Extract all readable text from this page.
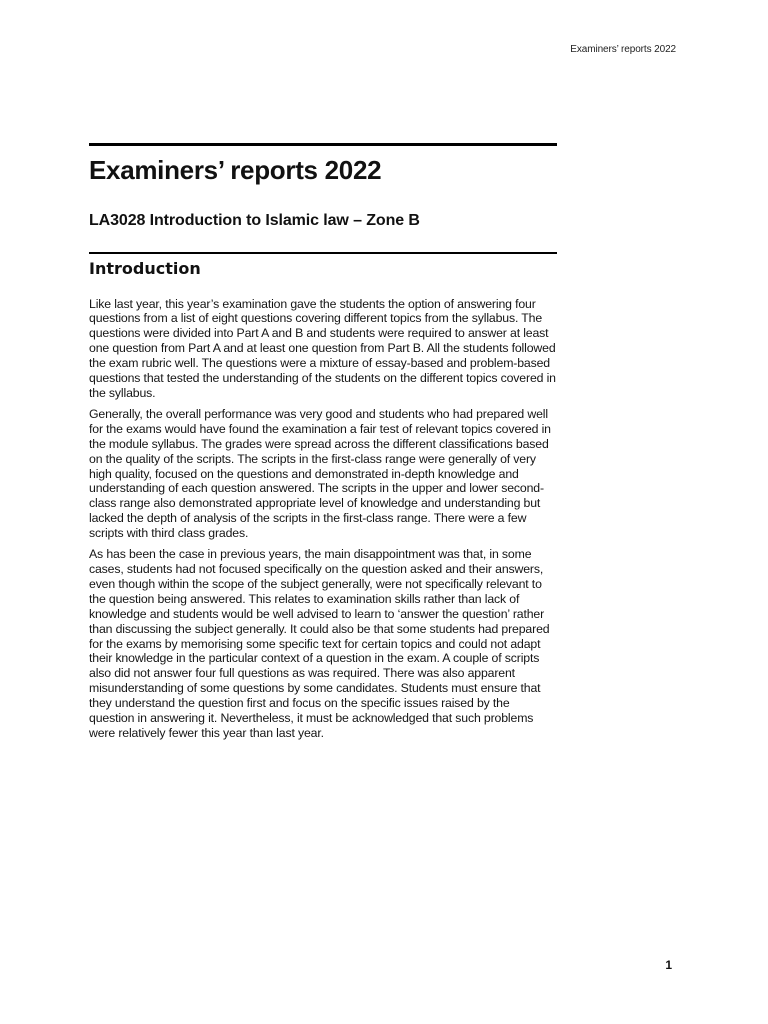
Examiners’ reports 2022
Examiners’ reports 2022
LA3028 Introduction to Islamic law – Zone B
Introduction

Like last year, this year’s examination gave the students the option of answering four questions from a list of eight questions covering different topics from the syllabus. The questions were divided into Part A and B and students were required to answer at least one question from Part A and at least one question from Part B. All the students followed the exam rubric well. The questions were a mixture of essay-based and problem-based questions that tested the understanding of the students on the different topics covered in the syllabus.

Generally, the overall performance was very good and students who had prepared well for the exams would have found the examination a fair test of relevant topics covered in the module syllabus. The grades were spread across the different classifications based on the quality of the scripts. The scripts in the first-class range were generally of very high quality, focused on the questions and demonstrated in-depth knowledge and understanding of each question answered. The scripts in the upper and lower second-class range also demonstrated appropriate level of knowledge and understanding but lacked the depth of analysis of the scripts in the first-class range. There were a few scripts with third class grades.

As has been the case in previous years, the main disappointment was that, in some cases, students had not focused specifically on the question asked and their answers, even though within the scope of the subject generally, were not specifically relevant to the question being answered. This relates to examination skills rather than lack of knowledge and students would be well advised to learn to ‘answer the question’ rather than discussing the subject generally. It could also be that some students had prepared for the exams by memorising some specific text for certain topics and could not adapt their knowledge in the particular context of a question in the exam. A couple of scripts also did not answer four full questions as was required. There was also apparent misunderstanding of some questions by some candidates. Students must ensure that they understand the question first and focus on the specific issues raised by the question in answering it. Nevertheless, it must be acknowledged that such problems were relatively fewer this year than last year.

1
